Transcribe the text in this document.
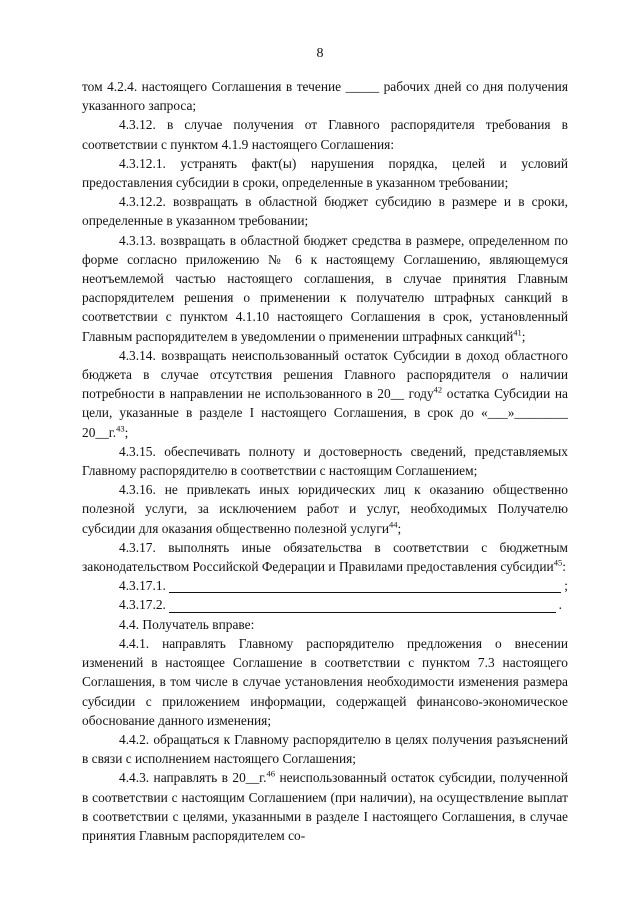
8

том 4.2.4. настоящего Соглашения в течение _____ рабочих дней со дня получения указанного запроса;

4.3.12. в случае получения от Главного распорядителя требования в соответствии с пунктом 4.1.9 настоящего Соглашения:

4.3.12.1. устранять факт(ы) нарушения порядка, целей и условий предоставления субсидии в сроки, определенные в указанном требовании;

4.3.12.2. возвращать в областной бюджет субсидию в размере и в сроки, определенные в указанном требовании;

4.3.13. возвращать в областной бюджет средства в размере, определенном по форме согласно приложению № 6 к настоящему Соглашению, являющемуся неотъемлемой частью настоящего соглашения, в случае принятия Главным распорядителем решения о применении к получателю штрафных санкций в соответствии с пунктом 4.1.10 настоящего Соглашения в срок, установленный Главным распорядителем в уведомлении о применении штрафных санкций$^{41}$;

4.3.14. возвращать неиспользованный остаток Субсидии в доход областного бюджета в случае отсутствия решения Главного распорядителя о наличии потребности в направлении не использованного в 20__ году$^{42}$ остатка Субсидии на цели, указанные в разделе I настоящего Соглашения, в срок до «___»________ 20__г.$^{43}$;

4.3.15. обеспечивать полноту и достоверность сведений, представляемых Главному распорядителю в соответствии с настоящим Соглашением;

4.3.16. не привлекать иных юридических лиц к оказанию общественно полезной услуги, за исключением работ и услуг, необходимых Получателю субсидии для оказания общественно полезной услуги$^{44}$;

4.3.17. выполнять иные обязательства в соответствии с бюджетным законодательством Российской Федерации и Правилами предоставления субсидии$^{45}$:

4.3.17.1.	;
4.3.17.2.	.

4.4. Получатель вправе:

4.4.1. направлять Главному распорядителю предложения о внесении изменений в настоящее Соглашение в соответствии с пунктом 7.3 настоящего Соглашения, в том числе в случае установления необходимости изменения размера субсидии с приложением информации, содержащей финансово-экономическое обоснование данного изменения;

4.4.2. обращаться к Главному распорядителю в целях получения разъяснений в связи с исполнением настоящего Соглашения;

4.4.3. направлять в 20__г.$^{46}$ неиспользованный остаток субсидии, полученной в соответствии с настоящим Соглашением (при наличии), на осуществление выплат в соответствии с целями, указанными в разделе I настоящего Соглашения, в случае принятия Главным распорядителем со-
